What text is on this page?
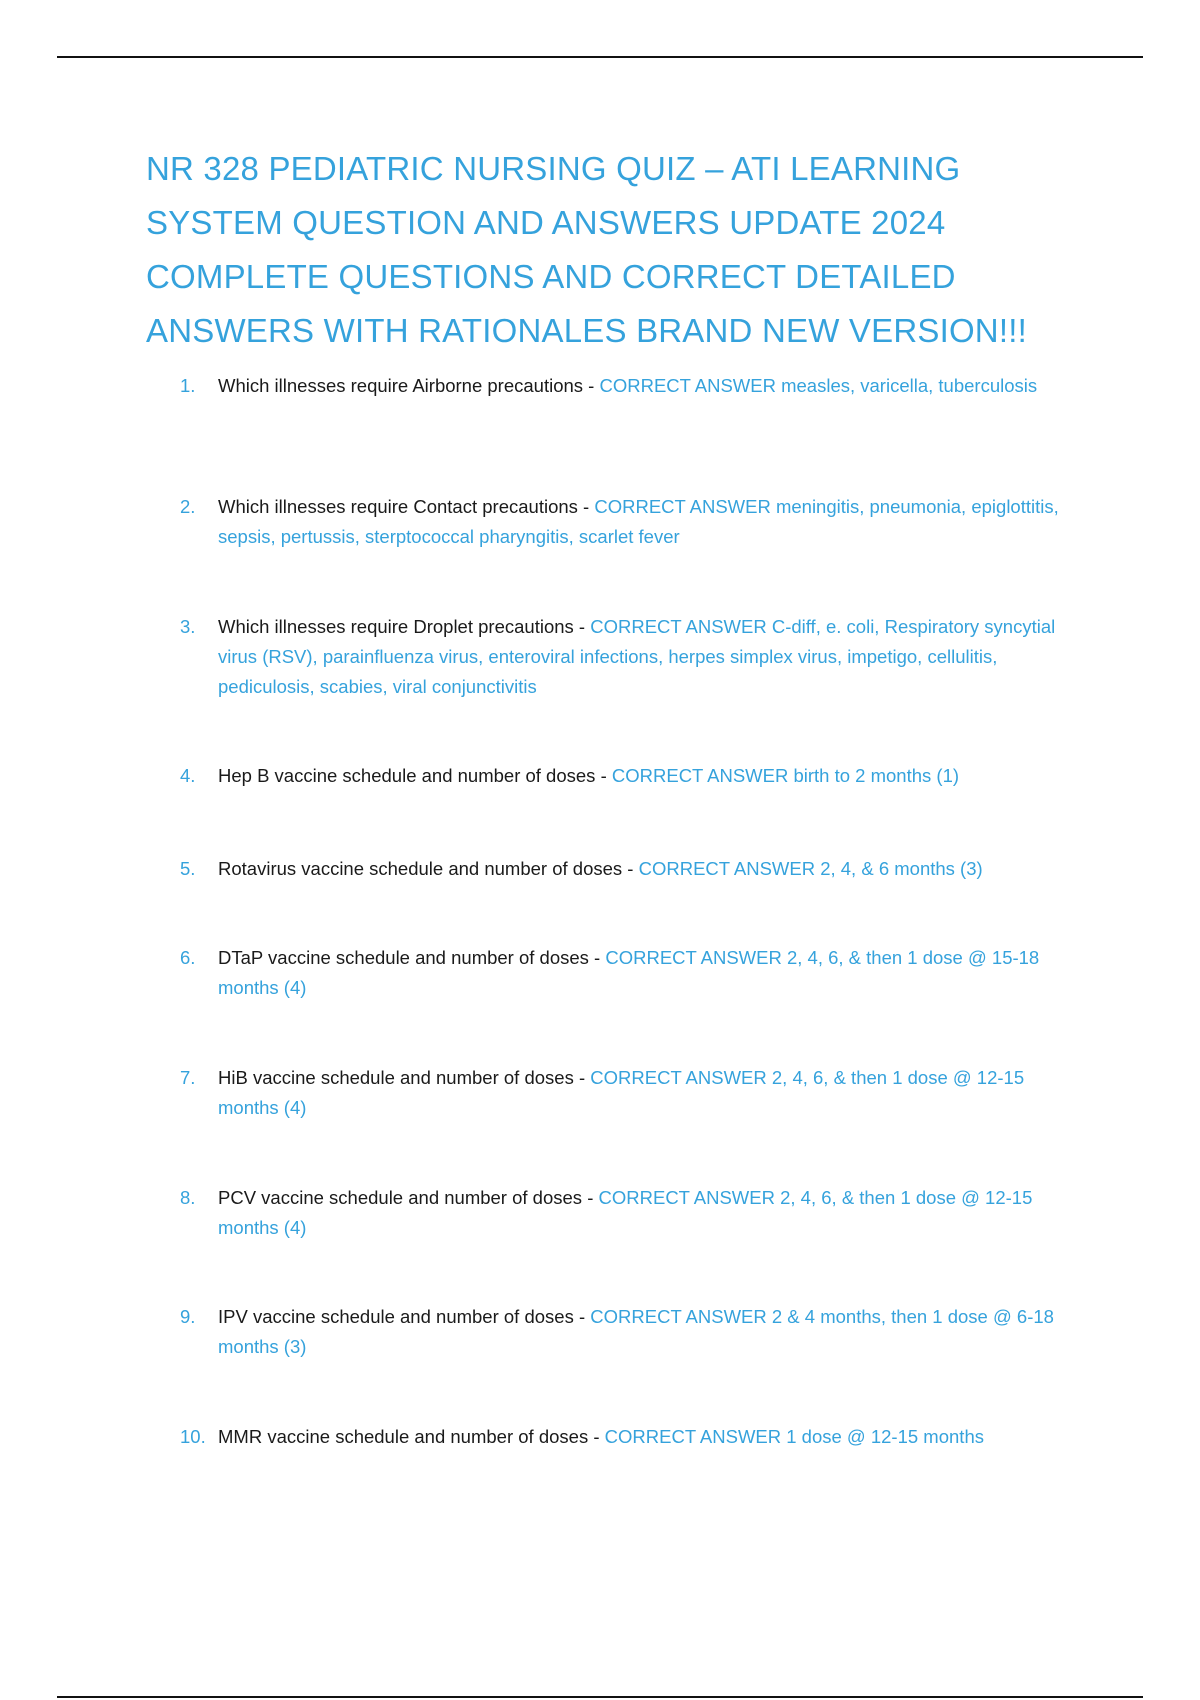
NR 328 PEDIATRIC NURSING QUIZ – ATI LEARNING SYSTEM QUESTION AND ANSWERS UPDATE 2024 COMPLETE QUESTIONS AND CORRECT DETAILED ANSWERS WITH RATIONALES BRAND NEW VERSION!!!
1.	Which illnesses require Airborne precautions - CORRECT ANSWER measles, varicella, tuberculosis
2.	Which illnesses require Contact precautions - CORRECT ANSWER meningitis, pneumonia, epiglottitis, sepsis, pertussis, sterptococcal pharyngitis, scarlet fever
3.	Which illnesses require Droplet precautions - CORRECT ANSWER C-diff, e. coli, Respiratory syncytial virus (RSV), parainfluenza virus, enteroviral infections, herpes simplex virus, impetigo, cellulitis, pediculosis, scabies, viral conjunctivitis
4.	Hep B vaccine schedule and number of doses - CORRECT ANSWER birth to 2 months (1)
5.	Rotavirus vaccine schedule and number of doses - CORRECT ANSWER 2, 4, & 6 months (3)
6.	DTaP vaccine schedule and number of doses - CORRECT ANSWER 2, 4, 6, & then 1 dose @ 15-18 months (4)
7.	HiB vaccine schedule and number of doses - CORRECT ANSWER 2, 4, 6, & then 1 dose @ 12-15 months (4)
8.	PCV vaccine schedule and number of doses - CORRECT ANSWER 2, 4, 6, & then 1 dose @ 12-15 months (4)
9.	IPV vaccine schedule and number of doses - CORRECT ANSWER 2 & 4 months, then 1 dose @ 6-18 months (3)
10. MMR vaccine schedule and number of doses - CORRECT ANSWER 1 dose @ 12-15 months
